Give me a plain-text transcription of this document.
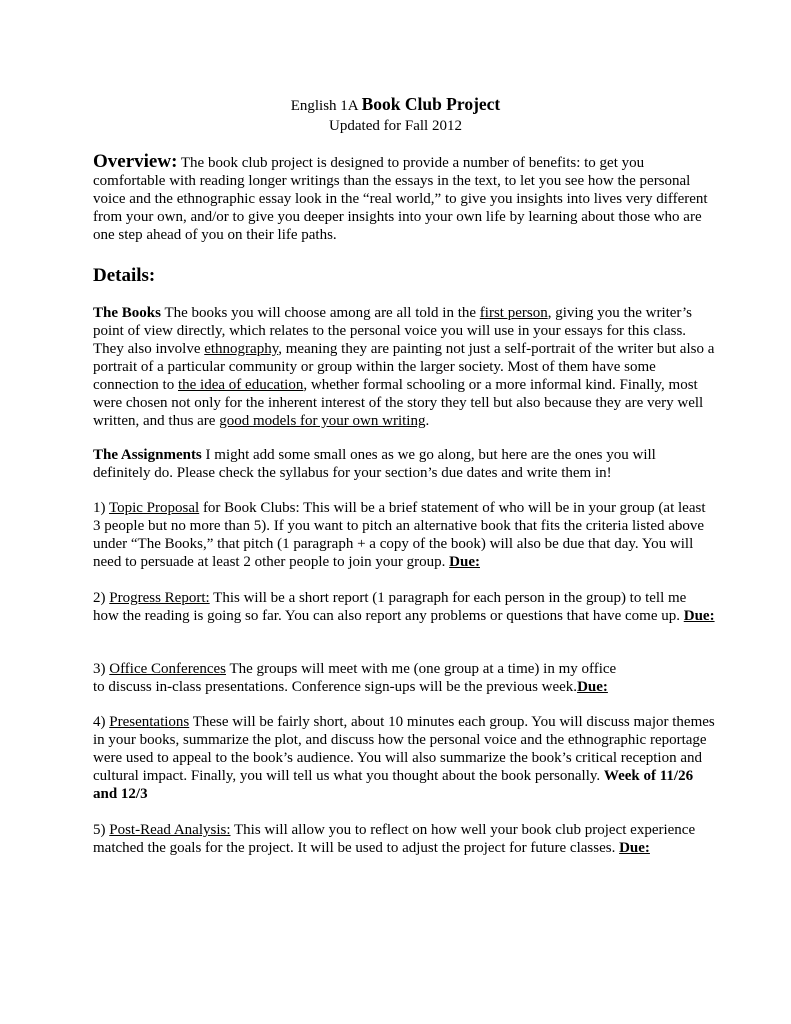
English 1A Book Club Project
Updated for Fall 2012

Overview: The book club project is designed to provide a number of benefits: to get you comfortable with reading longer writings than the essays in the text, to let you see how the personal voice and the ethnographic essay look in the “real world,” to give you insights into lives very different from your own, and/or to give you deeper insights into your own life by learning about those who are one step ahead of you on their life paths.

Details:

The Books The books you will choose among are all told in the first person, giving you the writer’s point of view directly, which relates to the personal voice you will use in your essays for this class. They also involve ethnography, meaning they are painting not just a self-portrait of the writer but also a portrait of a particular community or group within the larger society. Most of them have some connection to the idea of education, whether formal schooling or a more informal kind. Finally, most were chosen not only for the inherent interest of the story they tell but also because they are very well written, and thus are good models for your own writing.

The Assignments I might add some small ones as we go along, but here are the ones you will definitely do. Please check the syllabus for your section’s due dates and write them in!

1) Topic Proposal for Book Clubs: This will be a brief statement of who will be in your group (at least 3 people but no more than 5). If you want to pitch an alternative book that fits the criteria listed above under “The Books,” that pitch (1 paragraph + a copy of the book) will also be due that day. You will need to persuade at least 2 other people to join your group. Due:

2) Progress Report: This will be a short report (1 paragraph for each person in the group) to tell me how the reading is going so far. You can also report any problems or questions that have come up. Due:

3) Office Conferences The groups will meet with me (one group at a time) in my office
to discuss in-class presentations. Conference sign-ups will be the previous week.Due:

4) Presentations These will be fairly short, about 10 minutes each group. You will discuss major themes in your books, summarize the plot, and discuss how the personal voice and the ethnographic reportage were used to appeal to the book’s audience. You will also summarize the book’s critical reception and cultural impact. Finally, you will tell us what you thought about the book personally. Week of 11/26 and 12/3

5) Post-Read Analysis: This will allow you to reflect on how well your book club project experience matched the goals for the project. It will be used to adjust the project for future classes. Due:
